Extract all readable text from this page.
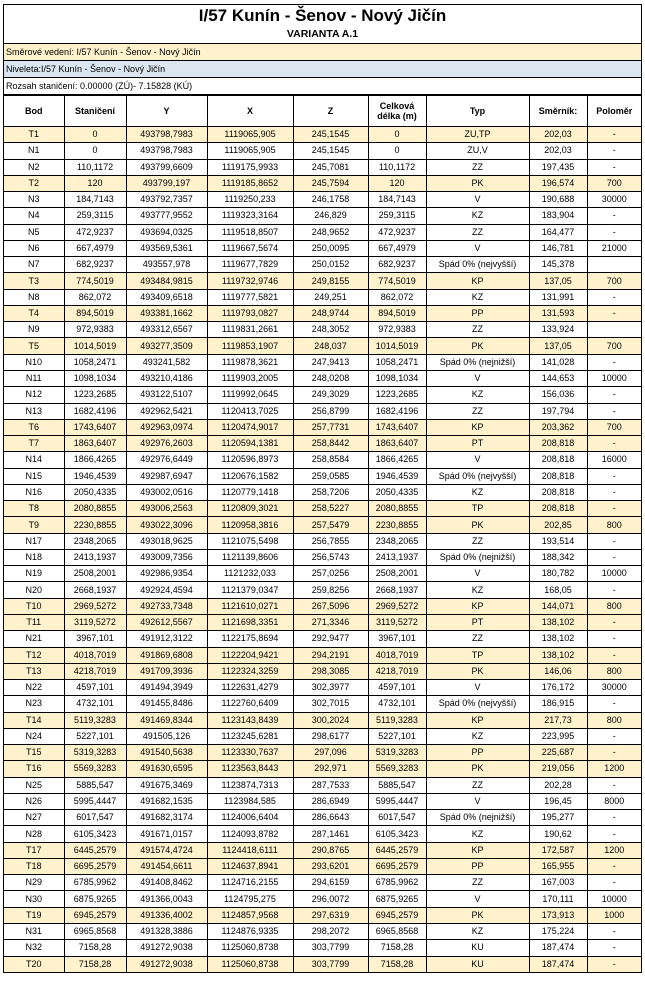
I/57 Kunín - Šenov - Nový Jičín
VARIANTA A.1
Směrové vedení: I/57 Kunín - Šenov - Nový Jičín
Niveleta:I/57 Kunín - Šenov - Nový Jičín
Rozsah staničení: 0.00000 (ZÚ)- 7.15828 (KÚ)
Bod	Staničení	Y	X	Z	Celková délka (m)	Typ	Směrník:	Poloměr
T1	0	493798,7983	1119065,905	245,1545	0	ZU,TP	202,03	-
N1	0	493798,7983	1119065,905	245,1545	0	ZU,V	202,03	-
N2	110,1172	493799,6609	1119175,9933	245,7081	110,1172	ZZ	197,435	-
T2	120	493799,197	1119185,8652	245,7594	120	PK	196,574	700
N3	184,7143	493792,7357	1119250,233	246,1758	184,7143	V	190,688	30000
N4	259,3115	493777,9552	1119323,3164	246,829	259,3115	KZ	183,904	-
N5	472,9237	493694,0325	1119518,8507	248,9652	472,9237	ZZ	164,477	-
N6	667,4979	493569,5361	1119667,5674	250,0095	667,4979	V	146,781	21000
N7	682,9237	493557,978	1119677,7829	250,0152	682,9237	Spád 0% (nejvyšší)	145,378	
T3	774,5019	493484,9815	1119732,9746	249,8155	774,5019	KP	137,05	700
N8	862,072	493409,6518	1119777,5821	249,251	862,072	KZ	131,991	-
T4	894,5019	493381,1662	1119793,0827	248,9744	894,5019	PP	131,593	-
N9	972,9383	493312,6567	1119831,2661	248,3052	972,9383	ZZ	133,924	
T5	1014,5019	493277,3509	1119853,1907	248,037	1014,5019	PK	137,05	700
N10	1058,2471	493241,582	1119878,3621	247,9413	1058,2471	Spád 0% (nejnižší)	141,028	-
N11	1098,1034	493210,4186	1119903,2005	248,0208	1098,1034	V	144,653	10000
N12	1223,2685	493122,5107	1119992,0645	249,3029	1223,2685	KZ	156,036	-
N13	1682,4196	492962,5421	1120413,7025	256,8799	1682,4196	ZZ	197,794	-
T6	1743,6407	492963,0974	1120474,9017	257,7731	1743,6407	KP	203,362	700
T7	1863,6407	492976,2603	1120594,1381	258,8442	1863,6407	PT	208,818	-
N14	1866,4265	492976,6449	1120596,8973	258,8584	1866,4265	V	208,818	16000
N15	1946,4539	492987,6947	1120676,1582	259,0585	1946,4539	Spád 0% (nejvyšší)	208,818	-
N16	2050,4335	493002,0516	1120779,1418	258,7206	2050,4335	KZ	208,818	-
T8	2080,8855	493006,2563	1120809,3021	258,5227	2080,8855	TP	208,818	-
T9	2230,8855	493022,3096	1120958,3816	257,5479	2230,8855	PK	202,85	800
N17	2348,2065	493018,9625	1121075,5498	256,7855	2348,2065	ZZ	193,514	-
N18	2413,1937	493009,7356	1121139,8606	256,5743	2413,1937	Spád 0% (nejnižší)	188,342	-
N19	2508,2001	492986,9354	1121232,033	257,0256	2508,2001	V	180,782	10000
N20	2668,1937	492924,4594	1121379,0347	259,8256	2668,1937	KZ	168,05	-
T10	2969,5272	492733,7348	1121610,0271	267,5096	2969,5272	KP	144,071	800
T11	3119,5272	492612,5567	1121698,3351	271,3346	3119,5272	PT	138,102	-
N21	3967,101	491912,3122	1122175,8694	292,9477	3967,101	ZZ	138,102	-
T12	4018,7019	491869,6808	1122204,9421	294,2191	4018,7019	TP	138,102	-
T13	4218,7019	491709,3936	1122324,3259	298,3085	4218,7019	PK	146,06	800
N22	4597,101	491494,3949	1122631,4279	302,3977	4597,101	V	176,172	30000
N23	4732,101	491455,8486	1122760,6409	302,7015	4732,101	Spád 0% (nejvyšší)	186,915	-
T14	5119,3283	491469,8344	1123143,8439	300,2024	5119,3283	KP	217,73	800
N24	5227,101	491505,126	1123245,6281	298,6177	5227,101	KZ	223,995	-
T15	5319,3283	491540,5638	1123330,7637	297,096	5319,3283	PP	225,687	-
T16	5569,3283	491630,6595	1123563,8443	292,971	5569,3283	PK	219,056	1200
N25	5885,547	491675,3469	1123874,7313	287,7533	5885,547	ZZ	202,28	-
N26	5995,4447	491682,1535	1123984,585	286,6949	5995,4447	V	196,45	8000
N27	6017,547	491682,3174	1124006,6404	286,6643	6017,547	Spád 0% (nejnižší)	195,277	-
N28	6105,3423	491671,0157	1124093,8782	287,1461	6105,3423	KZ	190,62	-
T17	6445,2579	491574,4724	1124418,6111	290,8765	6445,2579	KP	172,587	1200
T18	6695,2579	491454,6611	1124637,8941	293,6201	6695,2579	PP	165,955	-
N29	6785,9962	491408,8462	1124716,2155	294,6159	6785,9962	ZZ	167,003	-
N30	6875,9265	491366,0043	1124795,275	296,0072	6875,9265	V	170,111	10000
T19	6945,2579	491336,4002	1124857,9568	297,6319	6945,2579	PK	173,913	1000
N31	6965,8568	491328,3886	1124876,9335	298,2072	6965,8568	KZ	175,224	-
N32	7158,28	491272,9038	1125060,8738	303,7799	7158,28	KU	187,474	-
T20	7158,28	491272,9038	1125060,8738	303,7799	7158,28	KU	187,474	-
